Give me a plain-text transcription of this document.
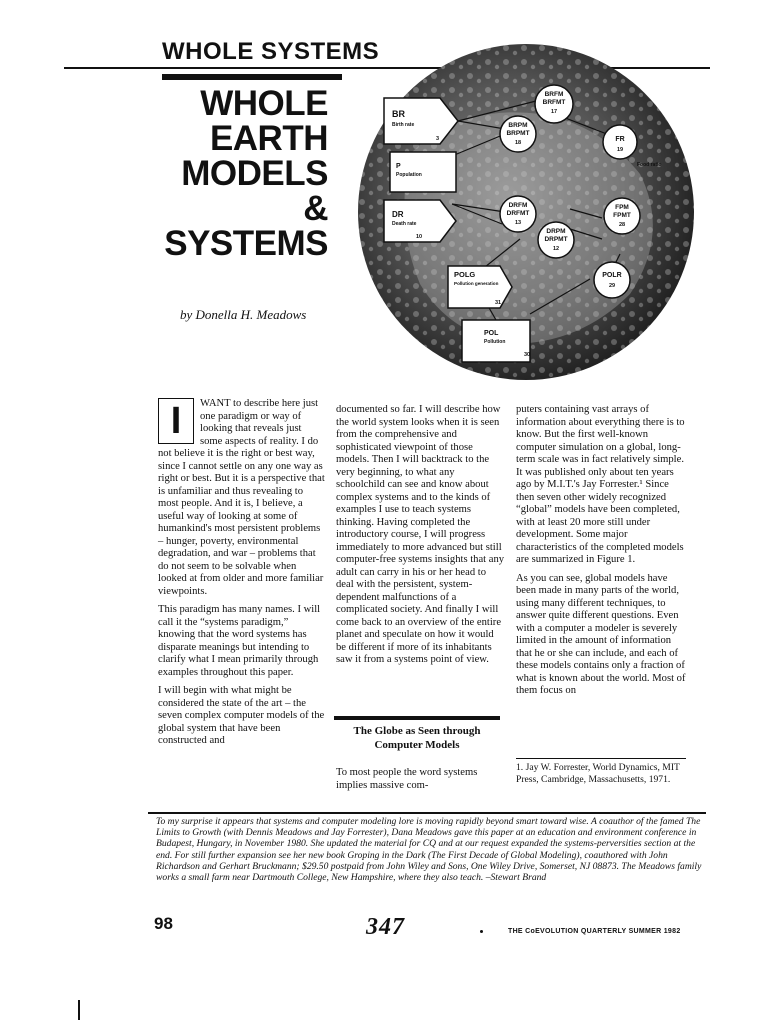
WHOLE SYSTEMS
WHOLE
EARTH
MODELS &
SYSTEMS
by Donella H. Meadows
BR
Birth rate
3
P
Population
DR
Death rate
10
POLG
Pollution generation
31
POL
Pollution
30
BRFM
BRFMT
17
BRPM
BRPMT
18	FR
19
Food ratio
DRFM
DRFMT
13
FPM
FPMT
28
DRPM
DRPMT
12
POLR
29
I	WANT to describe here just one paradigm or way of looking that reveals just some aspects of reality. I do not believe it is the right or best way, since I cannot settle on any one way as right or best. But it is a perspective that is unfamiliar and thus revealing to most people. And it is, I believe, a useful way of looking at some of humankind's most persistent problems – hunger, poverty, environmental degradation, and war – problems that do not seem to be solvable when looked at from older and more familiar viewpoints.

This paradigm has many names. I will call it the “systems paradigm,” knowing that the word systems has disparate meanings but intending to clarify what I mean primarily through examples throughout this paper.

I will begin with what might be considered the state of the art – the seven complex computer models of the global system that have been constructed and

documented so far. I will describe how the world system looks when it is seen from the comprehensive and sophisticated viewpoint of those models. Then I will backtrack to the very beginning, to what any schoolchild can see and know about complex systems and to the kinds of examples I use to teach systems thinking. Having completed the introductory course, I will progress immediately to more advanced but still computer-free systems insights that any adult can carry in his or her head to deal with the persistent, system-dependent malfunctions of a complicated society. And finally I will come back to an overview of the entire planet and speculate on how it would be different if more of its inhabitants saw it from a systems point of view.

The Globe as Seen through Computer Models

To most people the word systems implies massive com-

puters containing vast arrays of information about everything there is to know. But the first well-known computer simulation on a global, long-term scale was in fact relatively simple. It was published only about ten years ago by M.I.T.'s Jay Forrester.¹ Since then seven other widely recognized “global” models have been completed, with at least 20 more still under development. Some major characteristics of the completed models are summarized in Figure 1.

As you can see, global models have been made in many parts of the world, using many different techniques, to answer quite different questions. Even with a computer a modeler is severely limited in the amount of information that he or she can include, and each of these models contains only a fraction of what is known about the world. Most of them focus on

1. Jay W. Forrester, World Dynamics, MIT Press, Cambridge, Massachusetts, 1971.
To my surprise it appears that systems and computer modeling lore is moving rapidly beyond smart toward wise. A coauthor of the famed The Limits to Growth (with Dennis Meadows and Jay Forrester), Dana Meadows gave this paper at an education and environment conference in Budapest, Hungary, in November 1980. She updated the material for CQ and at our request expanded the systems-perversities section at the end. For still further expansion see her new book Groping in the Dark (The First Decade of Global Modeling), coauthored with John Richardson and Gerhart Bruckmann; $29.50 postpaid from John Wiley and Sons, One Wiley Drive, Somerset, NJ 08873. The Meadows family works a small farm near Dartmouth College, New Hampshire, where they also teach. –Stewart Brand
98	347	THE CoEVOLUTION QUARTERLY SUMMER 1982
